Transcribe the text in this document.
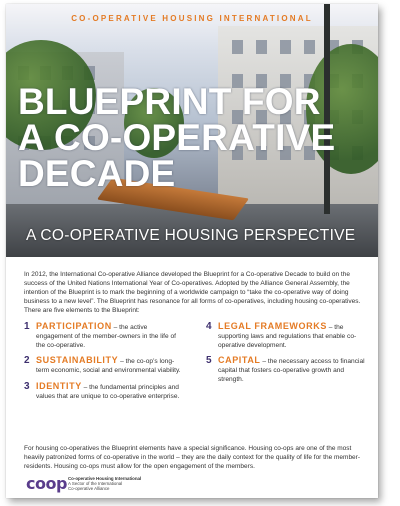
CO-OPERATIVE HOUSING INTERNATIONAL
BLUEPRINT FOR
A CO-OPERATIVE
DECADE
A CO-OPERATIVE HOUSING PERSPECTIVE

In 2012, the International Co-operative Alliance developed the Blueprint for a Co-operative Decade to build on the success of the United Nations International Year of Co-operatives. Adopted by the Alliance General Assembly, the intention of the Blueprint is to mark the beginning of a worldwide campaign to “take the co-operative way of doing business to a new level”. The Blueprint has resonance for all forms of co-operatives, including housing co-operatives. There are five elements to the Blueprint:

1 PARTICIPATION – the active engagement of the member-owners in the life of the co-operative.
2 SUSTAINABILITY – the co-op’s long-term economic, social and environmental viability.
3 IDENTITY – the fundamental principles and values that are unique to co-operative enterprise.
4 LEGAL FRAMEWORKS – the supporting laws and regulations that enable co-operative development.
5 CAPITAL – the necessary access to financial capital that fosters co-operative growth and strength.

For housing co-operatives the Blueprint elements have a special significance. Housing co-ops are one of the most heavily patronized forms of co-operative in the world – they are the daily context for the quality of life for the member-residents. Housing co-ops must allow for the open engagement of the members.

coop Co-operative Housing International
A Sector of the International
Co-operative Alliance
